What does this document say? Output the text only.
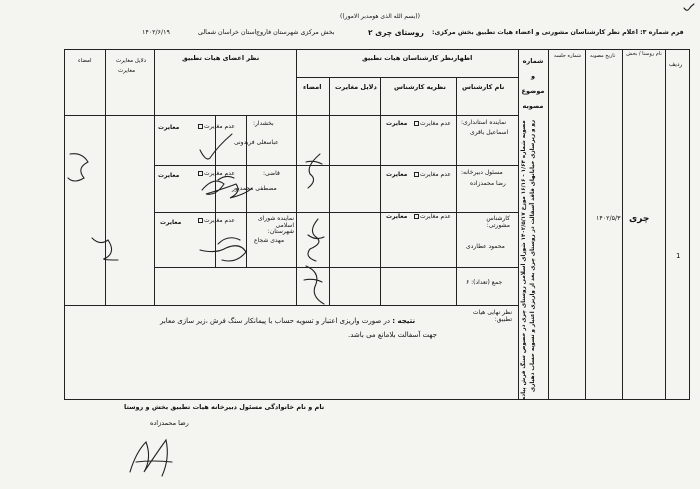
((بسم الله الذی هومدبر الامور))
فرم شماره ۳: اعلام نظر کارشناسان مشورتی و اعضاء هیات تطبیق بخش مرکزی:
روستای چری ۲
بخش مرکزی شهرستان فاروج
استان خراسان شمالی
۱۴۰۲/۶/۱۹
ردیف
نام روستا / بخش
تاریخ مصوبه
شماره جلسه
شماره و موضوع مصوبه
اظهارنظر کارشناسان هیات تطبیق
نام کارشناس
نظریه کارشناس
دلایل مغایرت
امضاء
نظر اعضای هیات تطبیق
دلایل مغایرت
مغایرت
امضاء
1
چری
۱۴۰۲/۵/۳۰
مصوبه شماره ۱/۶۴ - ۱۶/۱۶ مورخ ۱۴۰۲/۵/۱۷ شورای اسلامی روستای چری در خصوص سنگ فرش پیاده رو و زیرسازی خیابانهای فاقد آسفالت در روستای چری بعد از واریزی اعتبار و تسویه حساب دهیاری
نماینده استانداری:
اسماعیل باقری
عدم مغایرت
مغایرت
مسئول دبیرخانه:
رضا محمدزاده
عدم مغایرت
مغایرت
کارشناس مشورتی:
محمود عطاردی
عدم مغایرت
مغایرت
جمع (تعداد): ۶
بخشدار:
عباسعلی فریدونی
عدم مغایرت
مغایرت
قاضی:
مصطفی محمدپور
عدم مغایرت
مغایرت
نماینده شورای اسلامی شهرستان:
مهدی شجاع
عدم مغایرت
مغایرت
نظر نهایی هیات تطبیق:
نتیجه : در صورت واریزی اعتبار و تسویه حساب با پیمانکار سنگ فرش ،زیر سازی معابر
جهت آسفالت بلامانع می باشد.
نام و نام خانوادگی مسئول دبیرخانه هیات تطبیق بخش و روستا
رضا محمدزاده
